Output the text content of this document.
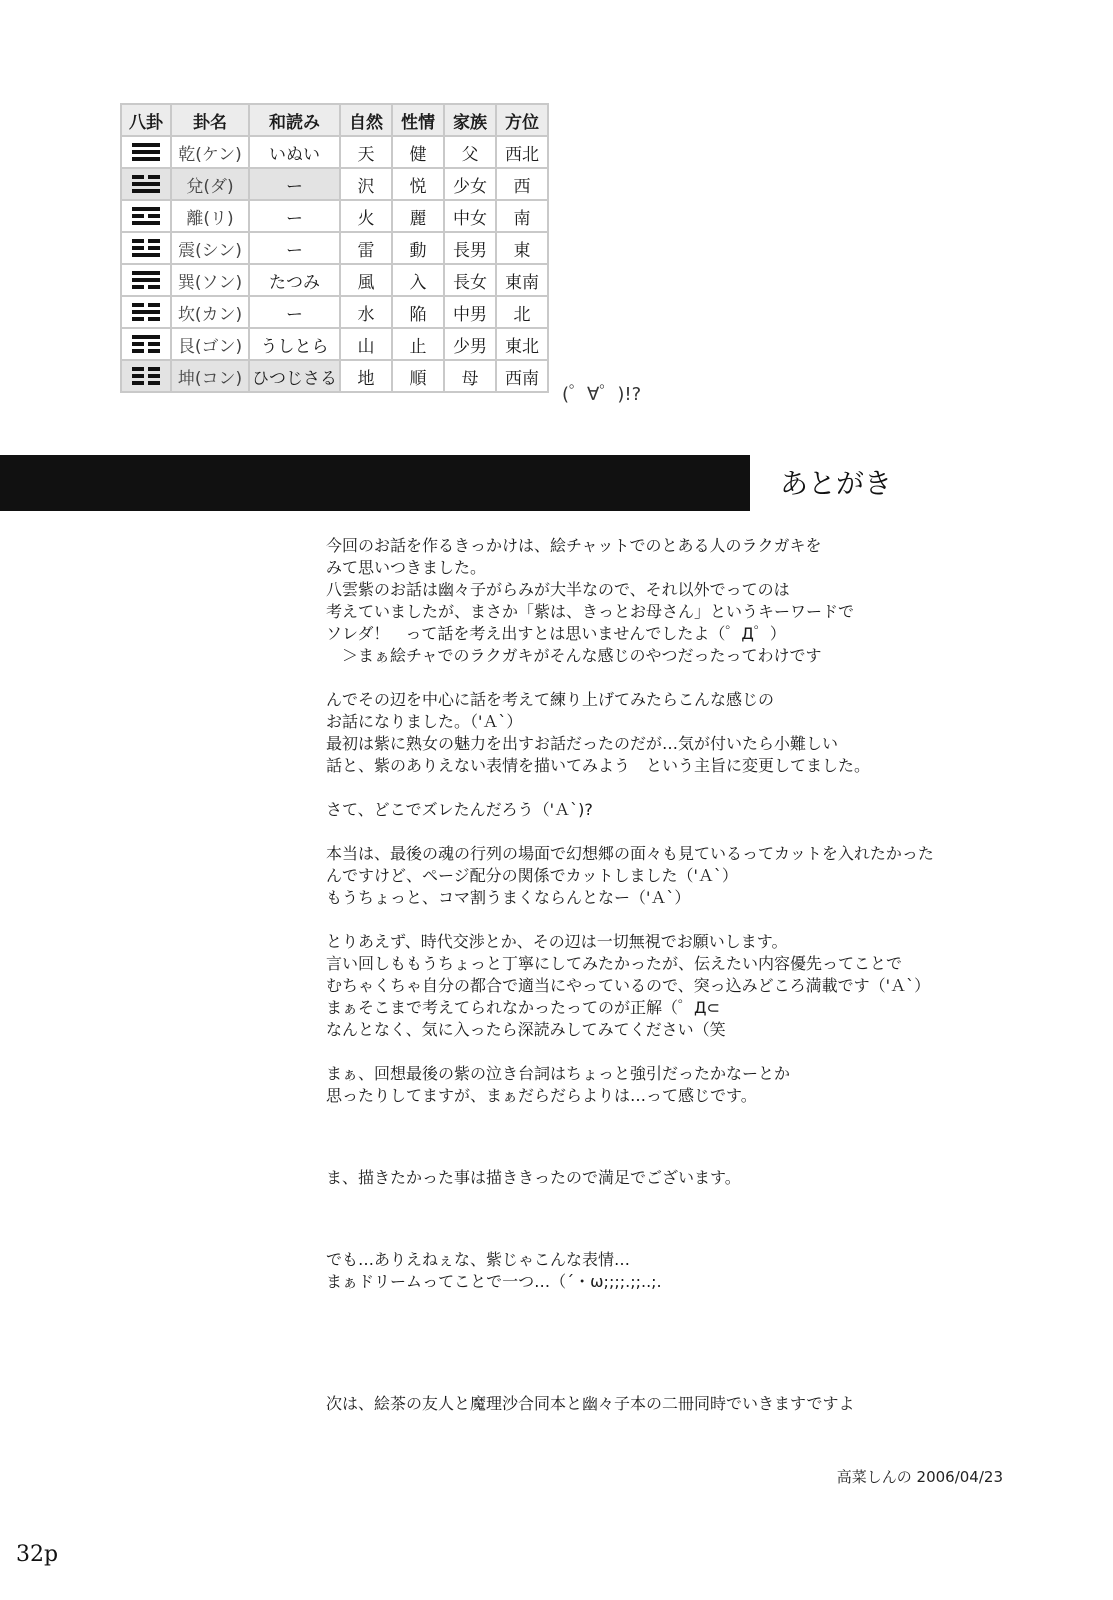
八卦	卦名	和読み	自然	性情	家族	方位

	乾(ケン)	いぬい	天	健	父	西北

	兌(ダ)	ー	沢	悦	少女	西

	離(リ)	ー	火	麗	中女	南

	震(シン)	ー	雷	動	長男	東

	巽(ソン)	たつみ	風	入	長女	東南

	坎(カン)	ー	水	陥	中男	北

	艮(ゴン)	うしとら	山	止	少男	東北

	坤(コン)	ひつじさる	地	順	母	西南
(゜∀゜)!?
あとがき
今回のお話を作るきっかけは、絵チャットでのとある人のラクガキを
みて思いつきました。
八雲紫のお話は幽々子がらみが大半なので、それ以外でってのは
考えていましたが、まさか「紫は、きっとお母さん」というキーワードで
ソレダ！　って話を考え出すとは思いませんでしたよ（゜Д゜）
　＞まぁ絵チャでのラクガキがそんな感じのやつだったってわけです
んでその辺を中心に話を考えて練り上げてみたらこんな感じの
お話になりました。（'Ａ`）
最初は紫に熟女の魅力を出すお話だったのだが…気が付いたら小難しい
話と、紫のありえない表情を描いてみよう　という主旨に変更してました。
さて、どこでズレたんだろう（'Ａ`)?
本当は、最後の魂の行列の場面で幻想郷の面々も見ているってカットを入れたかった
んですけど、ページ配分の関係でカットしました（'Ａ`）
もうちょっと、コマ割うまくならんとなー（'Ａ`）
とりあえず、時代交渉とか、その辺は一切無視でお願いします。
言い回しももうちょっと丁寧にしてみたかったが、伝えたい内容優先ってことで
むちゃくちゃ自分の都合で適当にやっているので、突っ込みどころ満載です（'Ａ`）
まぁそこまで考えてられなかったってのが正解（゜Д⊂
なんとなく、気に入ったら深読みしてみてください（笑
まぁ、回想最後の紫の泣き台詞はちょっと強引だったかなーとか
思ったりしてますが、まぁだらだらよりは…って感じです。
ま、描きたかった事は描ききったので満足でございます。
でも…ありえねぇな、紫じゃこんな表情…
まぁドリームってことで一つ…（´・ω;;;;.;;..;.
次は、絵茶の友人と魔理沙合同本と幽々子本の二冊同時でいきますですよ
高菜しんの 2006/04/23
32p
